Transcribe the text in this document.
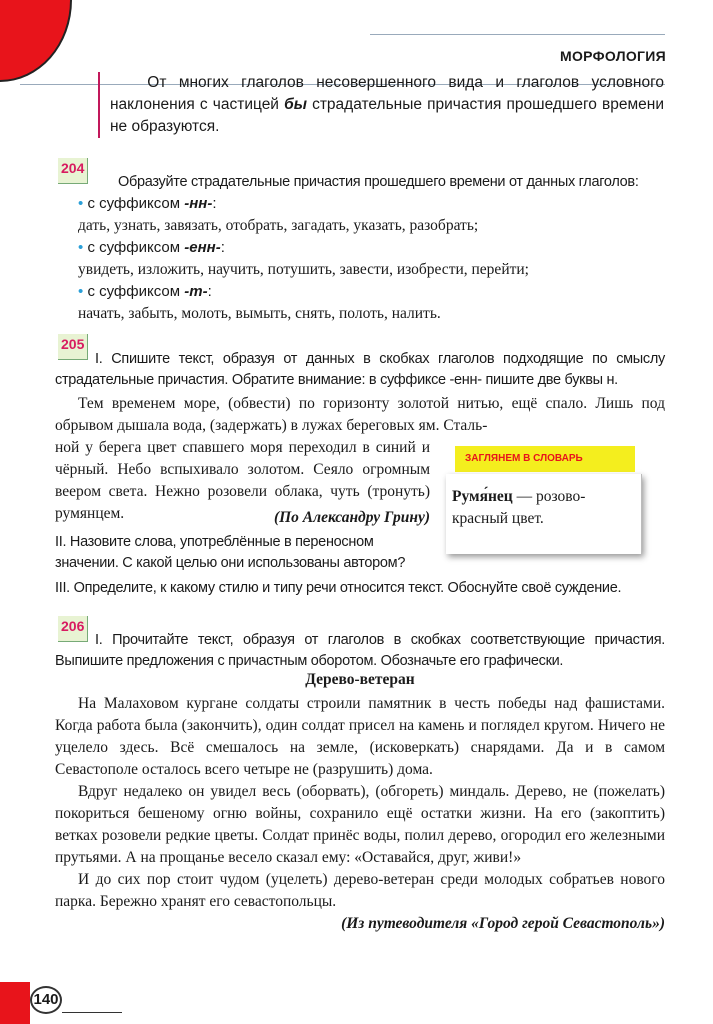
МОРФОЛОГИЯ
От многих глаголов несовершенного вида и глаголов условного наклонения с частицей бы страдательные причастия прошедшего времени не образуются.
204
Образуйте страдательные причастия прошедшего времени от данных глаголов:
• с суффиксом -нн-:
дать, узнать, завязать, отобрать, загадать, указать, разобрать;
• с суффиксом -енн-:
увидеть, изложить, научить, потушить, завести, изобрести, перейти;
• с суффиксом -т-:
начать, забыть, молоть, вымыть, снять, полоть, налить.
205
I. Спишите текст, образуя от данных в скобках глаголов подходящие по смыслу страдательные причастия. Обратите внимание: в суффиксе -енн- пишите две буквы н.
Тем временем море, (обвести) по горизонту золотой нитью, ещё спало. Лишь под обрывом дышала вода, (задержать) в лужах береговых ям. Сталь-
ной у берега цвет спавшего моря переходил в синий и чёрный. Небо вспыхивало золотом. Сеяло огромным веером света. Нежно розовели облака, чуть (тронуть) румянцем.	(По Александру Грину)
II. Назовите слова, употреблённые в переносном значении. С какой целью они использованы автором?
III. Определите, к какому стилю и типу речи относится текст. Обоснуйте своё суждение.
ЗАГЛЯНЕМ В СЛОВАРЬ
Румя́нец — розово-красный цвет.
206
I. Прочитайте текст, образуя от глаголов в скобках соответствующие причастия. Выпишите предложения с причастным оборотом. Обозначьте его графически.
Дерево-ветеран

На Малаховом кургане солдаты строили памятник в честь победы над фашистами. Когда работа была (закончить), один солдат присел на камень и поглядел кругом. Ничего не уцелело здесь. Всё смешалось на земле, (исковеркать) снарядами. Да и в самом Севастополе осталось всего четыре не (разрушить) дома.

Вдруг недалеко он увидел весь (оборвать), (обгореть) миндаль. Дерево, не (пожелать) покориться бешеному огню войны, сохранило ещё остатки жизни. На его (закоптить) ветках розовели редкие цветы. Солдат принёс воды, полил дерево, огородил его железными прутьями. А на прощанье весело сказал ему: «Оставайся, друг, живи!»

И до сих пор стоит чудом (уцелеть) дерево-ветеран среди молодых собратьев нового парка. Бережно хранят его севастопольцы.

(Из путеводителя «Город герой Севастополь»)

140
